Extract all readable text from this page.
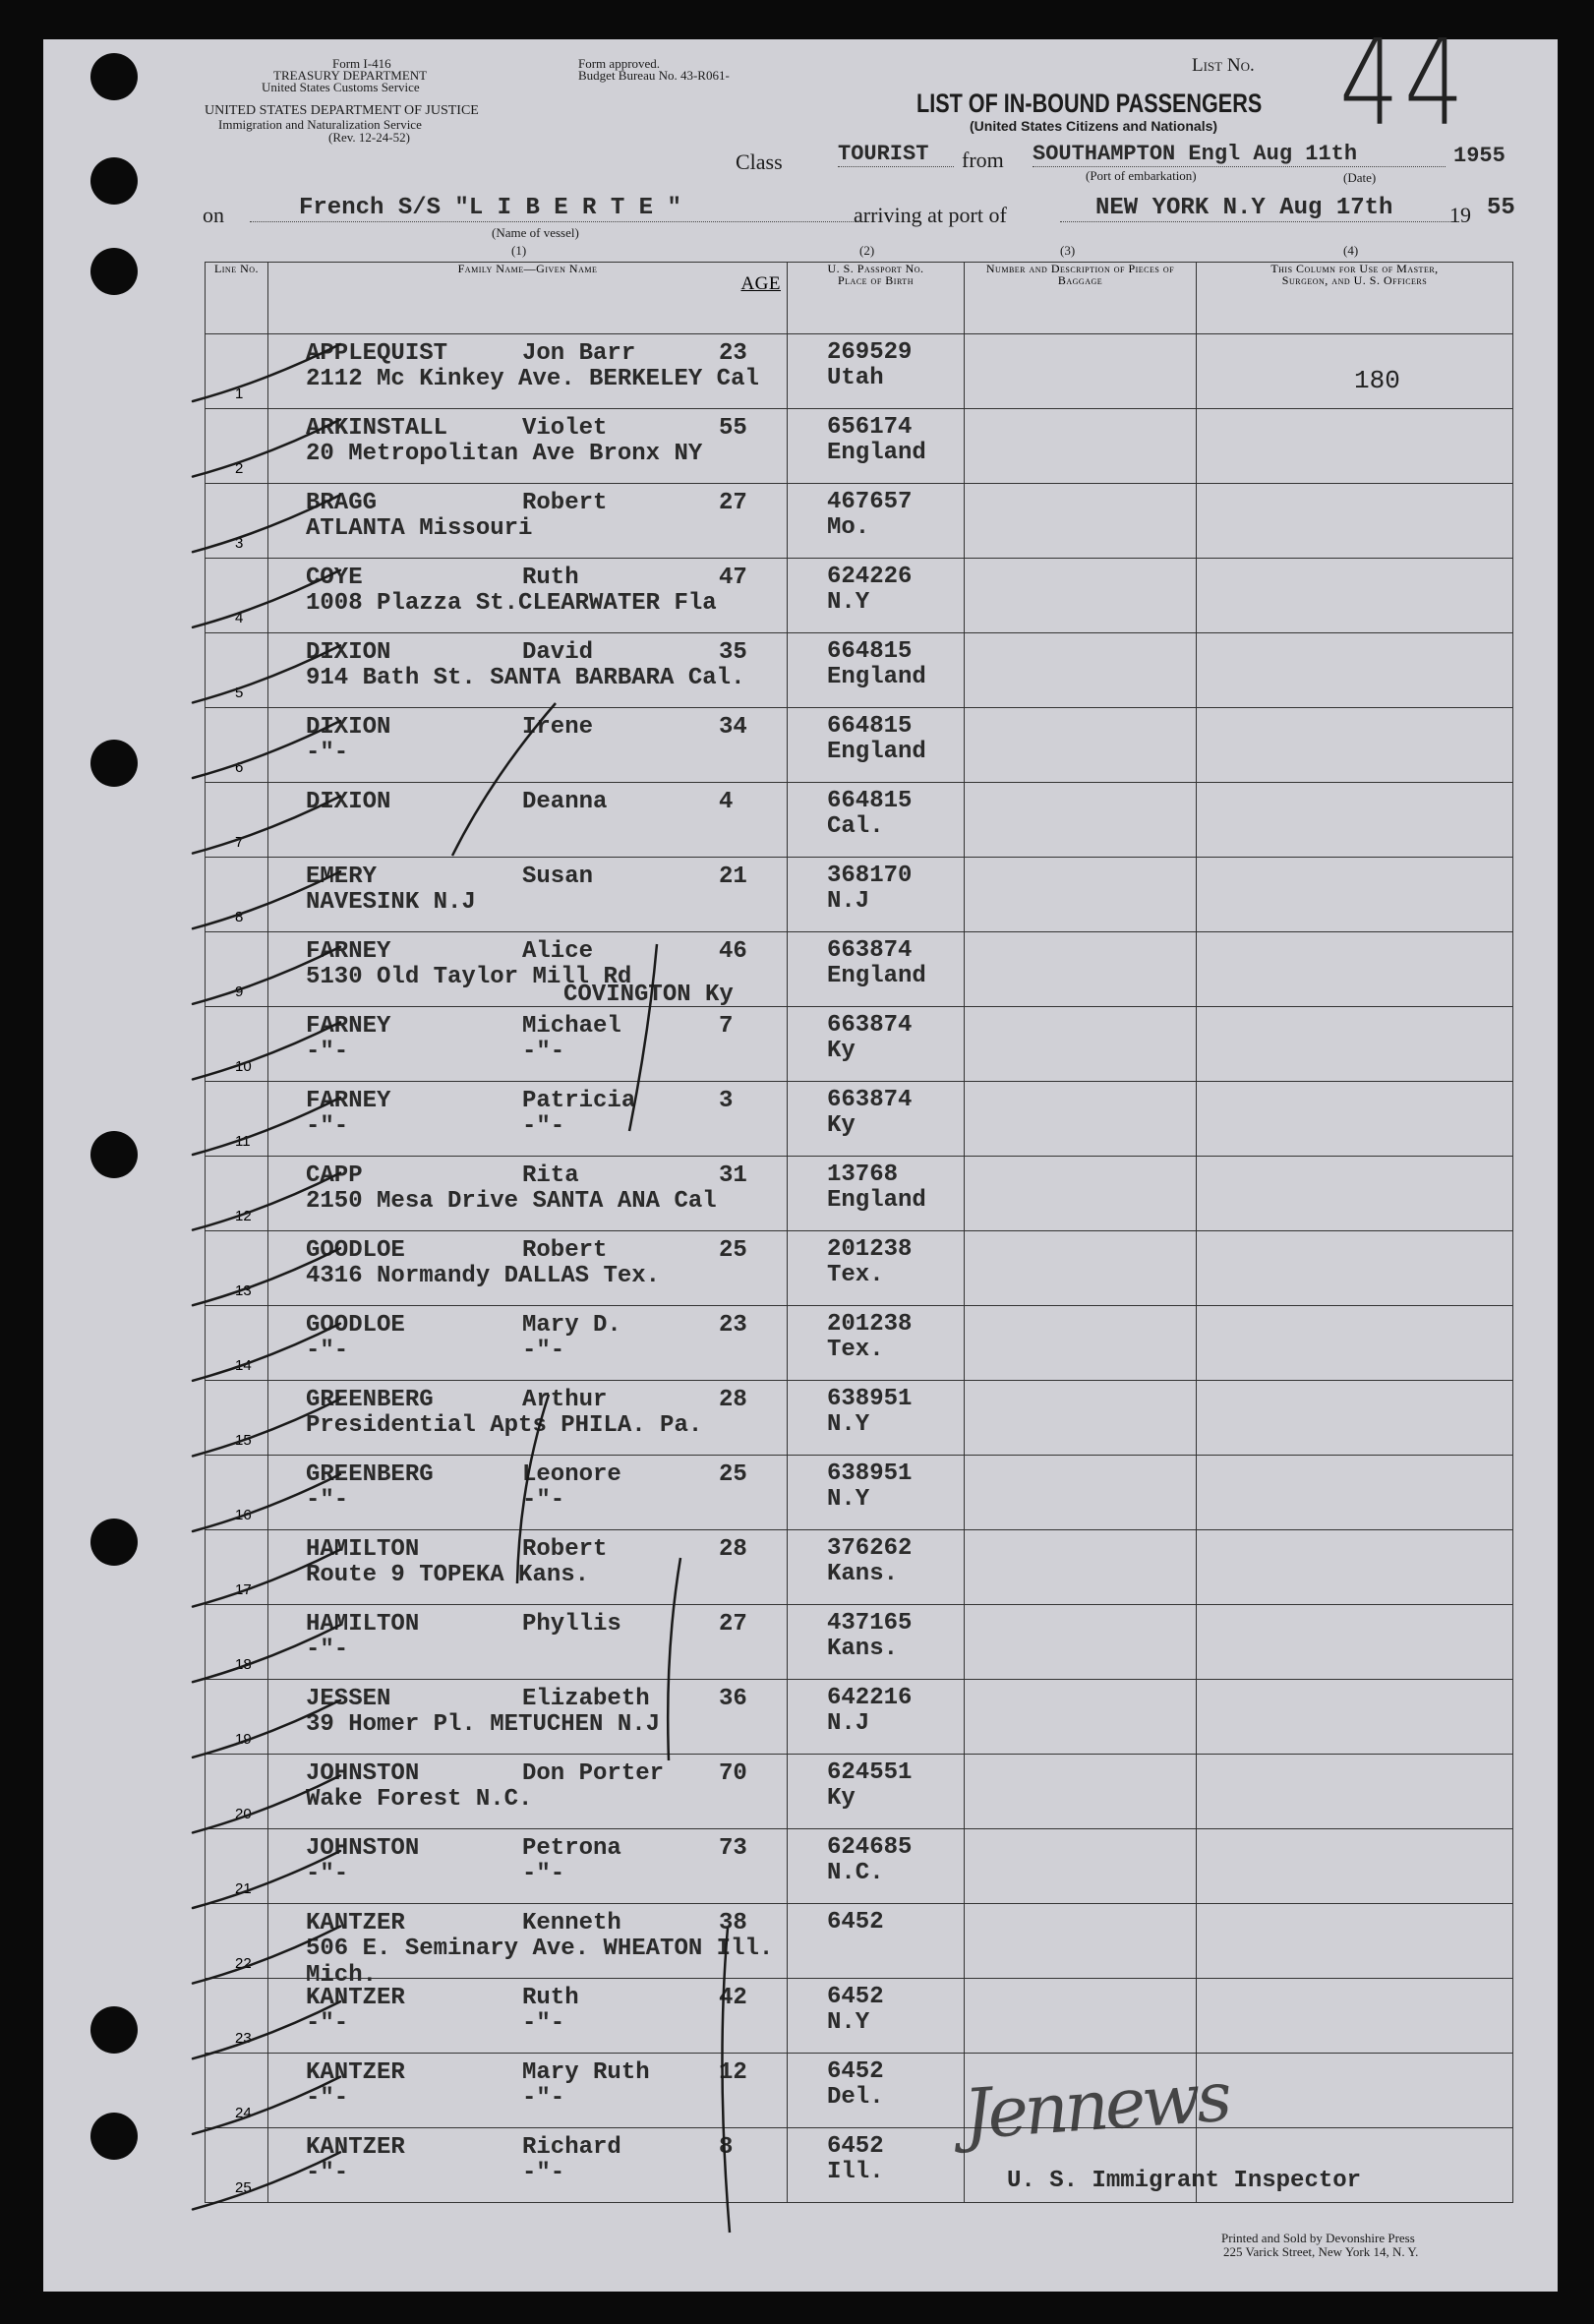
Form I-416
TREASURY DEPARTMENT
United States Customs Service
Form approved.
Budget Bureau No. 43-R061-
UNITED STATES DEPARTMENT OF JUSTICE
Immigration and Naturalization Service
(Rev. 12-24-52)
List No. 44
LIST OF IN-BOUND PASSENGERS
(United States Citizens and Nationals)
Class	TOURIST	from SOUTHAMPTON Engl Aug 11th	1955
(Port of embarkation)	(Date)
on	French S/S "L I B E R T E "
(Name of vessel)
arriving at port of	NEW YORK N.Y Aug 17th	19 55
(1)	(2)	(3)	(4)
Line No.	Family Name—Given Name
AGE	U. S. Passport No. Place of Birth	Number and Description of Pieces of Baggage	This Column for Use of Master, Surgeon, and U. S. Officers

1	APPLEQUIST Jon Barr 23
2112 Mc Kinkey Ave. BERKELEY Cal	269529
Utah		180

2	ARKINSTALL Violet 55
20 Metropolitan Ave Bronx NY	656174
England		

3	BRAGG Robert 27
ATLANTA Missouri	467657
Mo.		

4	COYE Ruth 47
1008 Plazza St.CLEARWATER Fla	624226
N.Y		

5	DIXION David 35
914 Bath St. SANTA BARBARA Cal.	664815
England		

6	DIXION Irene 34
-"-	664815
England		

7	DIXION Deanna 4	664815
Cal.		

8	EMERY Susan 21
NAVESINK N.J	368170
N.J		

9	FARNEY Alice 46
5130 Old Taylor Mill Rd
COVINGTON Ky	663874
England		

10	FARNEY Michael 7
-"- -"-	663874
Ky		

11	FARNEY Patricia 3
-"- -"-	663874
Ky		

12	CAPP Rita 31
2150 Mesa Drive SANTA ANA Cal	13768
England		

13	GOODLOE Robert 25
4316 Normandy DALLAS Tex.	201238
Tex.		

14	GOODLOE Mary D. 23
-"- -"-	201238
Tex.		

15	GREENBERG Arthur 28
Presidential Apts PHILA. Pa.	638951
N.Y		

16	GREENBERG Leonore 25
-"- -"-	638951
N.Y		

17	HAMILTON Robert 28
Route 9 TOPEKA Kans.	376262
Kans.		

18	HAMILTON Phyllis 27
-"-	437165
Kans.		

19	JESSEN Elizabeth 36
39 Homer Pl. METUCHEN N.J	642216
N.J		

20	JOHNSTON Don Porter 70
Wake Forest N.C.	624551
Ky		

21	JOHNSTON Petrona 73
-"- -"-	624685
N.C.		

22	KANTZER Kenneth 38
506 E. Seminary Ave. WHEATON Ill. Mich.	6452		

23	KANTZER Ruth 42
-"- -"-	6452
N.Y		

24	KANTZER Mary Ruth 12
-"- -"-	6452
Del.		

25	KANTZER Richard 8
-"- -"-	6452
Ill.		

Jennews
U. S. Immigrant Inspector
Printed and Sold by Devonshire Press
225 Varick Street, New York 14, N. Y.
